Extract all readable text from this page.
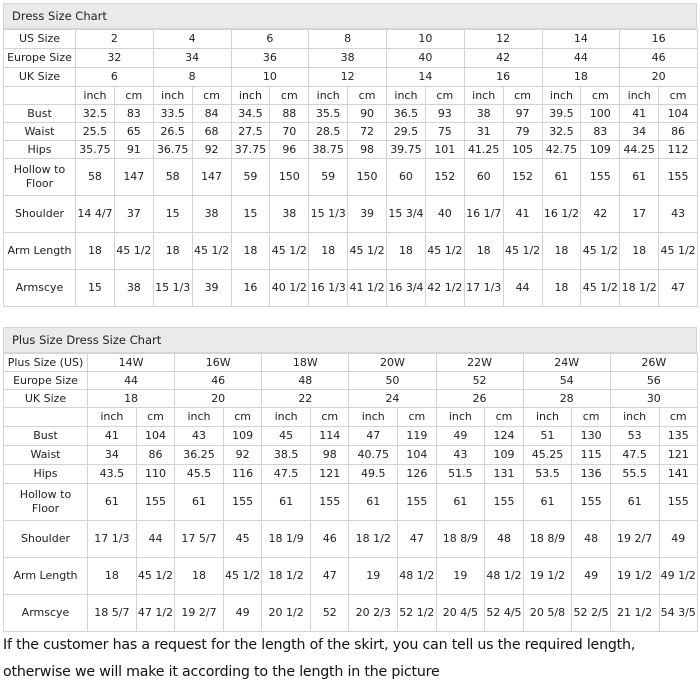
Dress Size Chart
US Size	2		4		6		8		10		12		14		16	
Europe Size	32		34		36		38		40		42		44		46	
UK Size	6		8		10		12		14		16		18		20	
	inch	cm	inch	cm	inch	cm	inch	cm	inch	cm	inch	cm	inch	cm	inch	cm
Bust	32.5	83	33.5	84	34.5	88	35.5	90	36.5	93	38	97	39.5	100	41	104
Waist	25.5	65	26.5	68	27.5	70	28.5	72	29.5	75	31	79	32.5	83	34	86
Hips	35.75	91	36.75	92	37.75	96	38.75	98	39.75	101	41.25	105	42.75	109	44.25	112
Hollow to Floor	58	147	58	147	59	150	59	150	60	152	60	152	61	155	61	155
Shoulder	14 4/7	37	15	38	15	38	15 1/3	39	15 3/4	40	16 1/7	41	16 1/2	42	17	43
Arm Length	18	45 1/2	18	45 1/2	18	45 1/2	18	45 1/2	18	45 1/2	18	45 1/2	18	45 1/2	18	45 1/2
Armscye	15	38	15 1/3	39	16	40 1/2	16 1/3	41 1/2	16 3/4	42 1/2	17 1/3	44	18	45 1/2	18 1/2	47
Plus Size Dress Size Chart
Plus Size (US)	14W		16W		18W		20W		22W		24W		26W	
Europe Size	44		46		48		50		52		54		56	
UK Size	18		20		22		24		26		28		30	
	inch	cm	inch	cm	inch	cm	inch	cm	inch	cm	inch	cm	inch	cm
Bust	41	104	43	109	45	114	47	119	49	124	51	130	53	135
Waist	34	86	36.25	92	38.5	98	40.75	104	43	109	45.25	115	47.5	121
Hips	43.5	110	45.5	116	47.5	121	49.5	126	51.5	131	53.5	136	55.5	141
Hollow to Floor	61	155	61	155	61	155	61	155	61	155	61	155	61	155
Shoulder	17 1/3	44	17 5/7	45	18 1/9	46	18 1/2	47	18 8/9	48	18 8/9	48	19 2/7	49
Arm Length	18	45 1/2	18	45 1/2	18 1/2	47	19	48 1/2	19	48 1/2	19 1/2	49	19 1/2	49 1/2
Armscye	18 5/7	47 1/2	19 2/7	49	20 1/2	52	20 2/3	52 1/2	20 4/5	52 4/5	20 5/8	52 2/5	21 1/2	54 3/5
If the customer has a request for the length of the skirt, you can tell us the required length,
otherwise we will make it according to the length in the picture
